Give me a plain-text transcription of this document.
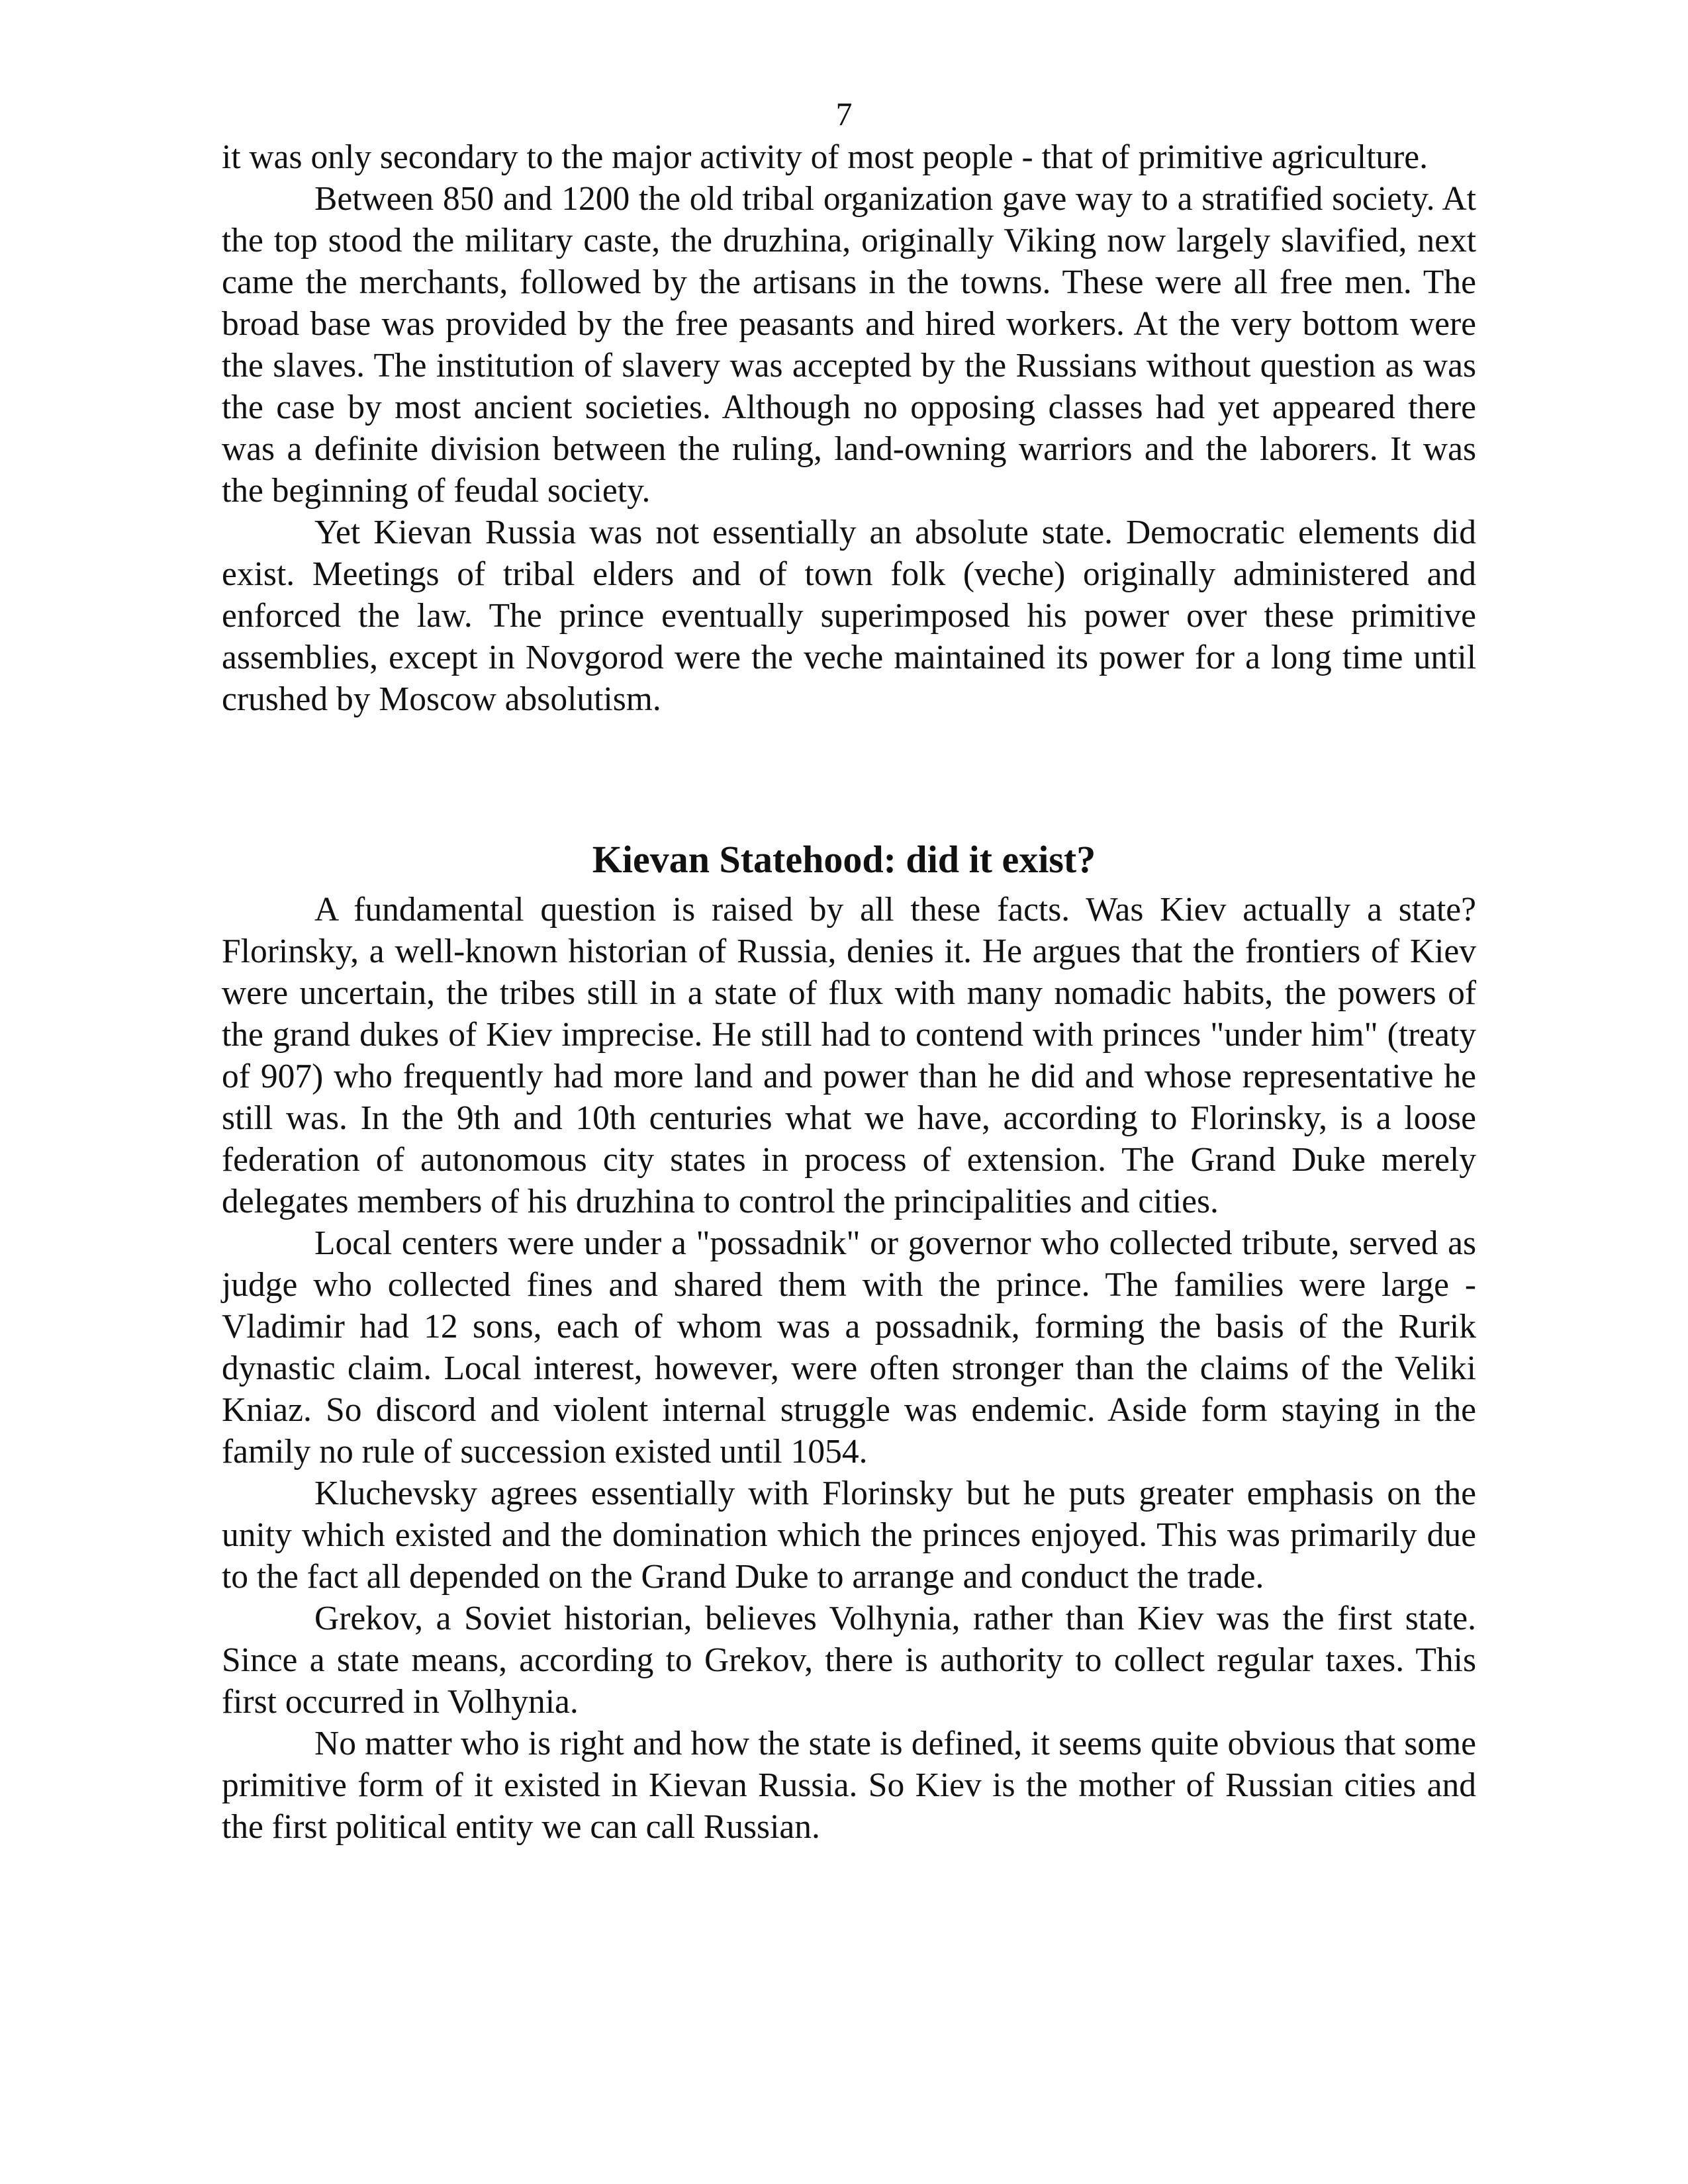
7

it was only secondary to the major activity of most people - that of primitive agriculture.

Between 850 and 1200 the old tribal organization gave way to a stratified society. At the top stood the military caste, the druzhina, originally Viking now largely slavified, next came the merchants, followed by the artisans in the towns. These were all free men. The broad base was provided by the free peasants and hired workers. At the very bottom were the slaves. The institution of slavery was accepted by the Russians without question as was the case by most ancient societies. Although no opposing classes had yet appeared there was a definite division between the ruling, land-owning warriors and the laborers. It was the beginning of feudal society.

Yet Kievan Russia was not essentially an absolute state. Democratic elements did exist. Meetings of tribal elders and of town folk (veche) originally administered and enforced the law. The prince eventually superimposed his power over these primitive assemblies, except in Novgorod were the veche maintained its power for a long time until crushed by Moscow absolutism.

Kievan Statehood: did it exist?

A fundamental question is raised by all these facts. Was Kiev actually a state? Florinsky, a well-known historian of Russia, denies it. He argues that the frontiers of Kiev were uncertain, the tribes still in a state of flux with many nomadic habits, the powers of the grand dukes of Kiev imprecise. He still had to contend with princes "under him" (treaty of 907) who frequently had more land and power than he did and whose representative he still was. In the 9th and 10th centuries what we have, according to Florinsky, is a loose federation of autonomous city states in process of extension. The Grand Duke merely delegates members of his druzhina to control the principalities and cities.

Local centers were under a "possadnik" or governor who collected tribute, served as judge who collected fines and shared them with the prince. The families were large - Vladimir had 12 sons, each of whom was a possadnik, forming the basis of the Rurik dynastic claim. Local interest, however, were often stronger than the claims of the Veliki Kniaz. So discord and violent internal struggle was endemic. Aside form staying in the family no rule of succession existed until 1054.

Kluchevsky agrees essentially with Florinsky but he puts greater emphasis on the unity which existed and the domination which the princes enjoyed. This was primarily due to the fact all depended on the Grand Duke to arrange and conduct the trade.

Grekov, a Soviet historian, believes Volhynia, rather than Kiev was the first state. Since a state means, according to Grekov, there is authority to collect regular taxes. This first occurred in Volhynia.

No matter who is right and how the state is defined, it seems quite obvious that some primitive form of it existed in Kievan Russia. So Kiev is the mother of Russian cities and the first political entity we can call Russian.
